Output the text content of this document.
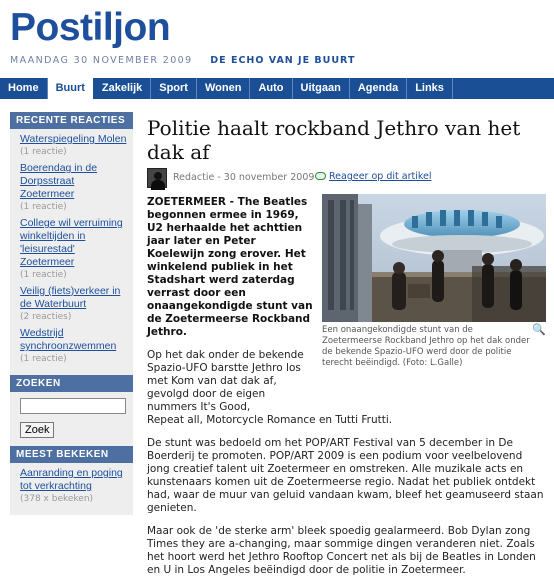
Postiljon
MAANDAG 30 NOVEMBER 2009 DE ECHO VAN JE BUURT
Home	Buurt	Zakelijk	Sport	Wonen	Auto	Uitgaan	Agenda	Links
RECENTE REACTIES
Waterspiegeling Molen
(1 reactie)
Boerendag in de Dorpsstraat Zoetermeer
(1 reactie)
College wil verruiming winkeltijden in 'leisurestad' Zoetermeer
(1 reactie)
Veilig (fiets)verkeer in de Waterbuurt
(2 reacties)
Wedstrijd synchroonzwemmen
(1 reactie)
ZOEKEN
Zoek
MEEST BEKEKEN
Aanranding en poging tot verkrachting
(378 x bekeken)
Politie haalt rockband Jethro van het dak af
Redactie - 30 november 2009	Reageer op dit artikel
Een onaangekondigde stunt van de Zoetermeerse Rockband Jethro op het dak onder de bekende Spazio-UFO werd door de politie terecht beëindigd. (Foto: L.Galle)
🔍
ZOETERMEER - The Beatles begonnen ermee in 1969, U2 herhaalde het achttien jaar later en Peter Koelewijn zong erover. Het winkelend publiek in het Stadshart werd zaterdag verrast door een onaangekondigde stunt van de Zoetermeerse Rockband Jethro.
Op het dak onder de bekende Spazio-UFO barstte Jethro los met Kom van dat dak af, gevolgd door de eigen nummers It's Good,
Repeat all, Motorcycle Romance en Tutti Frutti.
De stunt was bedoeld om het POP/ART Festival van 5 december in De Boerderij te promoten. POP/ART 2009 is een podium voor veelbelovend jong creatief talent uit Zoetermeer en omstreken. Alle muzikale acts en kunstenaars komen uit de Zoetermeerse regio. Nadat het publiek ontdekt had, waar de muur van geluid vandaan kwam, bleef het geamuseerd staan genieten.
Maar ook de 'de sterke arm' bleek spoedig gealarmeerd. Bob Dylan zong Times they are a-changing, maar sommige dingen veranderen niet. Zoals het hoort werd het Jethro Rooftop Concert net als bij de Beatles in Londen en U in Los Angeles beëindigd door de politie in Zoetermeer.
